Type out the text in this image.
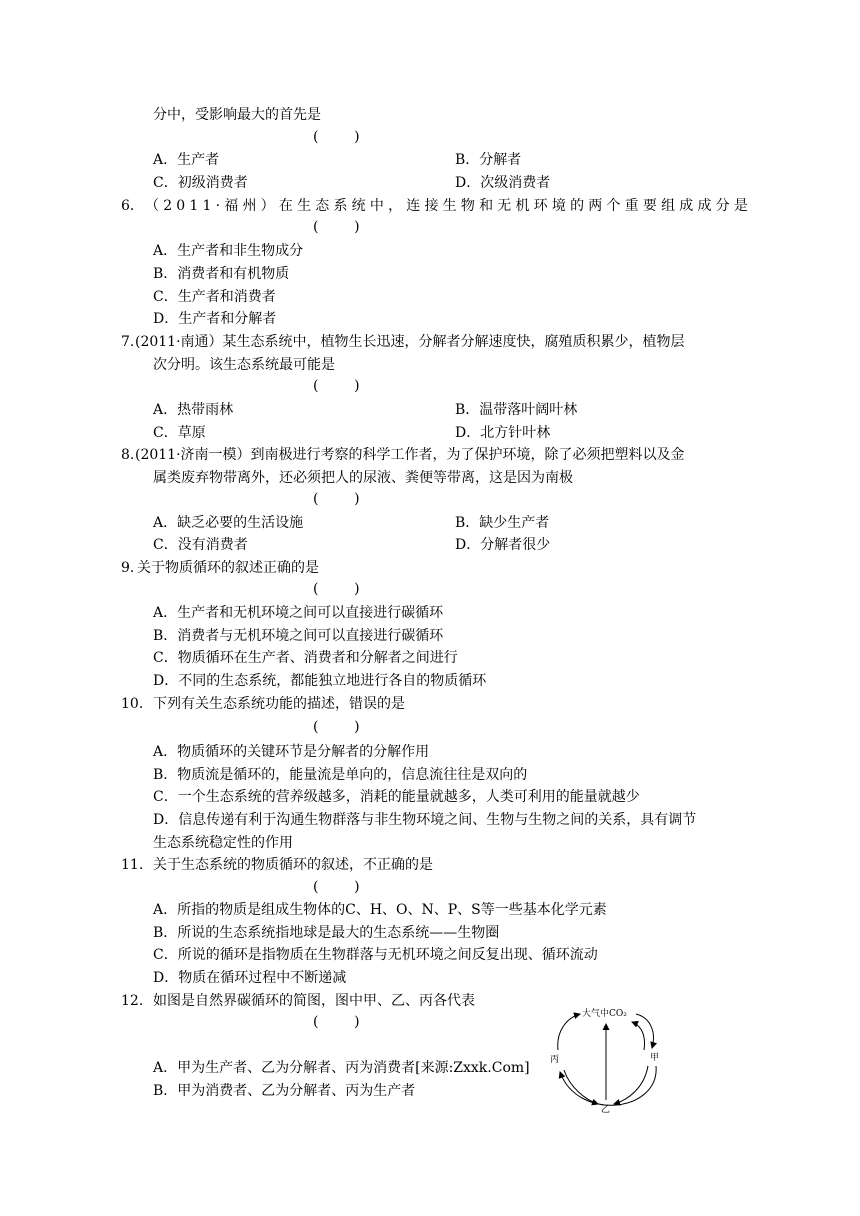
分中，受影响最大的首先是
(        )
A．生产者	B．分解者
C．初级消费者	D．次级消费者
6． （2011·福州）在生态系统中，连接生物和无机环境的两个重要组成成分是
(        )
A．生产者和非生物成分
B．消费者和有机物质
C．生产者和消费者
D．生产者和分解者
7. (2011·南通）某生态系统中，植物生长迅速，分解者分解速度快，腐殖质积累少，植物层
次分明。该生态系统最可能是
(        )
A．热带雨林	B．温带落叶阔叶林
C．草原	D．北方针叶林
8. (2011·济南一模）到南极进行考察的科学工作者，为了保护环境，除了必须把塑料以及金
属类废弃物带离外，还必须把人的尿液、粪便等带离，这是因为南极
(        )
A．缺乏必要的生活设施	B．缺少生产者
C．没有消费者	D．分解者很少
9. 关于物质循环的叙述正确的是
(        )
A．生产者和无机环境之间可以直接进行碳循环
B．消费者与无机环境之间可以直接进行碳循环
C．物质循环在生产者、消费者和分解者之间进行
D．不同的生态系统，都能独立地进行各自的物质循环
10. 下列有关生态系统功能的描述，错误的是
(        )
A．物质循环的关键环节是分解者的分解作用
B．物质流是循环的，能量流是单向的，信息流往往是双向的
C．一个生态系统的营养级越多，消耗的能量就越多，人类可利用的能量就越少
D．信息传递有利于沟通生物群落与非生物环境之间、生物与生物之间的关系，具有调节
生态系统稳定性的作用
11. 关于生态系统的物质循环的叙述，不正确的是
(        )
A．所指的物质是组成生物体的C、H、O、N、P、S等一些基本化学元素
B．所说的生态系统指地球是最大的生态系统——生物圈
C．所说的循环是指物质在生物群落与无机环境之间反复出现、循环流动
D．物质在循环过程中不断递减
12. 如图是自然界碳循环的简图，图中甲、乙、丙各代表
(        )
A．甲为生产者、乙为分解者、丙为消费者[来源:Zxxk.Com]
B．甲为消费者、乙为分解者、丙为生产者
大气中CO₂
丙	甲
乙
